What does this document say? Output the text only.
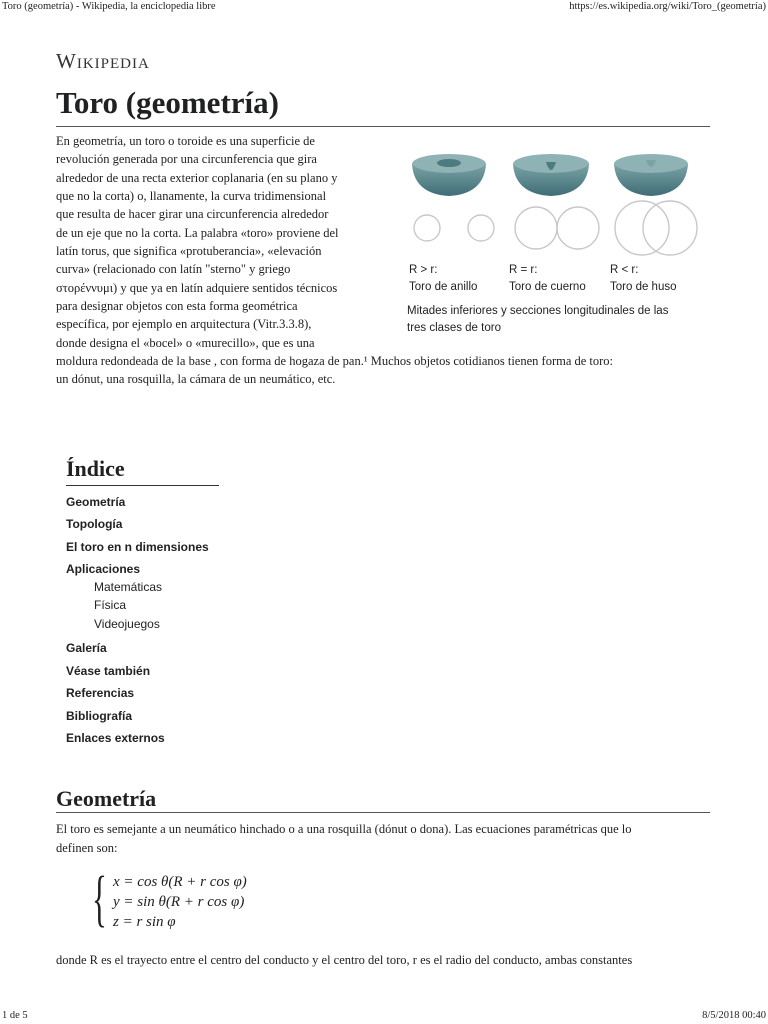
Toro (geometría) - Wikipedia, la enciclopedia libre	https://es.wikipedia.org/wiki/Toro_(geometría)
Wikipedia
Toro (geometría)
En geometría, un toro o toroide es una superficie de
revolución generada por una circunferencia que gira
alrededor de una recta exterior coplanaria (en su plano y
que no la corta) o, llanamente, la curva tridimensional
que resulta de hacer girar una circunferencia alrededor
de un eje que no la corta. La palabra «toro» proviene del
latín torus, que significa «protuberancia», «elevación
curva» (relacionado con latín "sterno" y griego
στορέννυμι) y que ya en latín adquiere sentidos técnicos
para designar objetos con esta forma geométrica
específica, por ejemplo en arquitectura (Vitr.3.3.8),
donde designa el «bocel» o «murecillo», que es una
moldura redondeada de la base , con forma de hogaza de pan.¹ Muchos objetos cotidianos tienen forma de toro:
un dónut, una rosquilla, la cámara de un neumático, etc.
R > r:
Toro de anillo
R = r:
Toro de cuerno
R < r:
Toro de huso
Mitades inferiores y secciones longitudinales de las
tres clases de toro
Índice
Geometría
Topología
El toro en n dimensiones
Aplicaciones
Matemáticas
Física
Videojuegos
Galería
Véase también
Referencias
Bibliografía
Enlaces externos
Geometría
El toro es semejante a un neumático hinchado o a una rosquilla (dónut o dona). Las ecuaciones paramétricas que lo
definen son:
{ x = cos θ(R + r cos φ)
y = sin θ(R + r cos φ)
z = r sin φ
donde R es el trayecto entre el centro del conducto y el centro del toro, r es el radio del conducto, ambas constantes
1 de 5	8/5/2018 00:40
